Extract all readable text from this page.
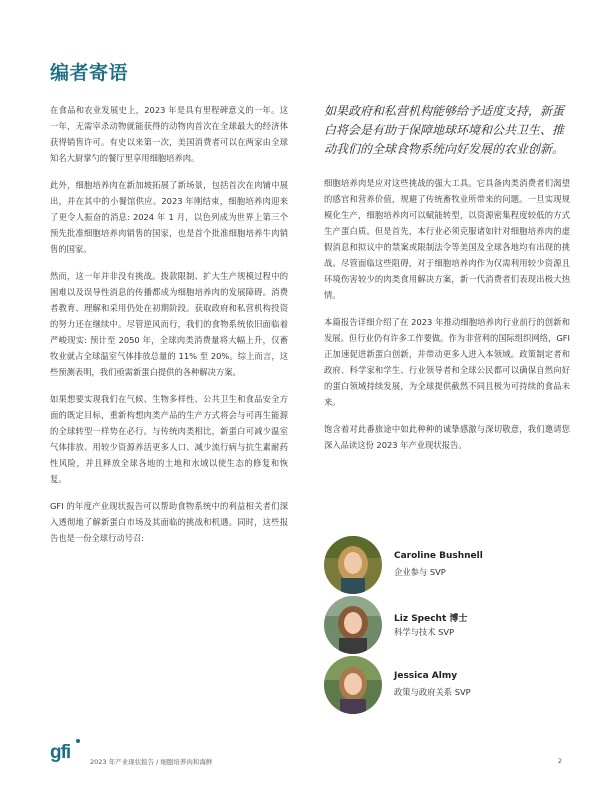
编者寄语

在食品和农业发展史上，2023 年是具有里程碑意义的一年。这一年，无需宰杀动物就能获得的动物肉首次在全球最大的经济体获得销售许可。有史以来第一次，美国消费者可以在两家由全球知名大厨掌勺的餐厅里享用细胞培养肉。

此外，细胞培养肉在新加坡拓展了新场景，包括首次在肉铺中展出，并在其中的小餐馆供应。2023 年刚结束，细胞培养肉迎来了更令人振奋的消息: 2024 年 1 月，以色列成为世界上第三个预先批准细胞培养肉销售的国家，也是首个批准细胞培养牛肉销售的国家。

然而，这一年并非没有挑战。拨款限制、扩大生产规模过程中的困难以及误导性消息的传播都成为细胞培养肉的发展障碍。消费者教育、理解和采用仍处在初期阶段。获取政府和私营机构投资的努力还在继续中。尽管逆风而行，我们的食物系统依旧面临着严峻现实: 预计至 2050 年，全球肉类消费量将大幅上升，仅畜牧业就占全球温室气体排放总量的 11% 至 20%。综上而言，这些预测表明，我们亟需新蛋白提供的各种解决方案。

如果想要实现我们在气候、生物多样性、公共卫生和食品安全方面的既定目标，重新构想肉类产品的生产方式将会与可再生能源的全球转型一样势在必行。与传统肉类相比，新蛋白可减少温室气体排放、用较少资源养活更多人口、减少流行病与抗生素耐药性风险，并且释放全球各地的土地和水域以使生态的修复和恢复。

GFI 的年度产业现状报告可以帮助食物系统中的利益相关者们深入透彻地了解新蛋白市场及其面临的挑战和机遇。同时，这些报告也是一份全球行动号召:

如果政府和私营机构能够给予适度支持，新蛋白将会是有助于保障地球环境和公共卫生、推动我们的全球食物系统向好发展的农业创新。

细胞培养肉是应对这些挑战的强大工具。它具备肉类消费者们渴望的感官和营养价值，规避了传统畜牧业所带来的问题。一旦实现规模化生产，细胞培养肉可以赋能转型，以资源密集程度较低的方式生产蛋白质。但是首先，本行业必须克服诸如针对细胞培养肉的虚假消息和拟议中的禁案或限制法令等美国及全球各地均有出现的挑战。尽管面临这些阻碍，对于细胞培养肉作为仅需利用较少资源且环境伤害较少的肉类食用解决方案，新一代消费者们表现出极大热情。

本篇报告详细介绍了在 2023 年推动细胞培养肉行业前行的创新和发展。但行业仍有许多工作要做。作为非营利的国际组织网络，GFI 正加速促进新蛋白创新，并带动更多人进入本领域。政策制定者和政府、科学家和学生、行业领导者和全球公民都可以确保自然向好的蛋白领域持续发展，为全球提供截然不同且极为可持续的食品未来。

饱含着对此番旅途中如此种种的诚挚感激与深切敬意，我们邀请您深入品读这份 2023 年产业现状报告。

Caroline Bushnell
企业参与 SVP
Liz Specht 博士
科学与技术 SVP
Jessica Almy
政策与政府关系 SVP
gfi	2023 年产业现状报告 / 细胞培养肉和海鲜	2
